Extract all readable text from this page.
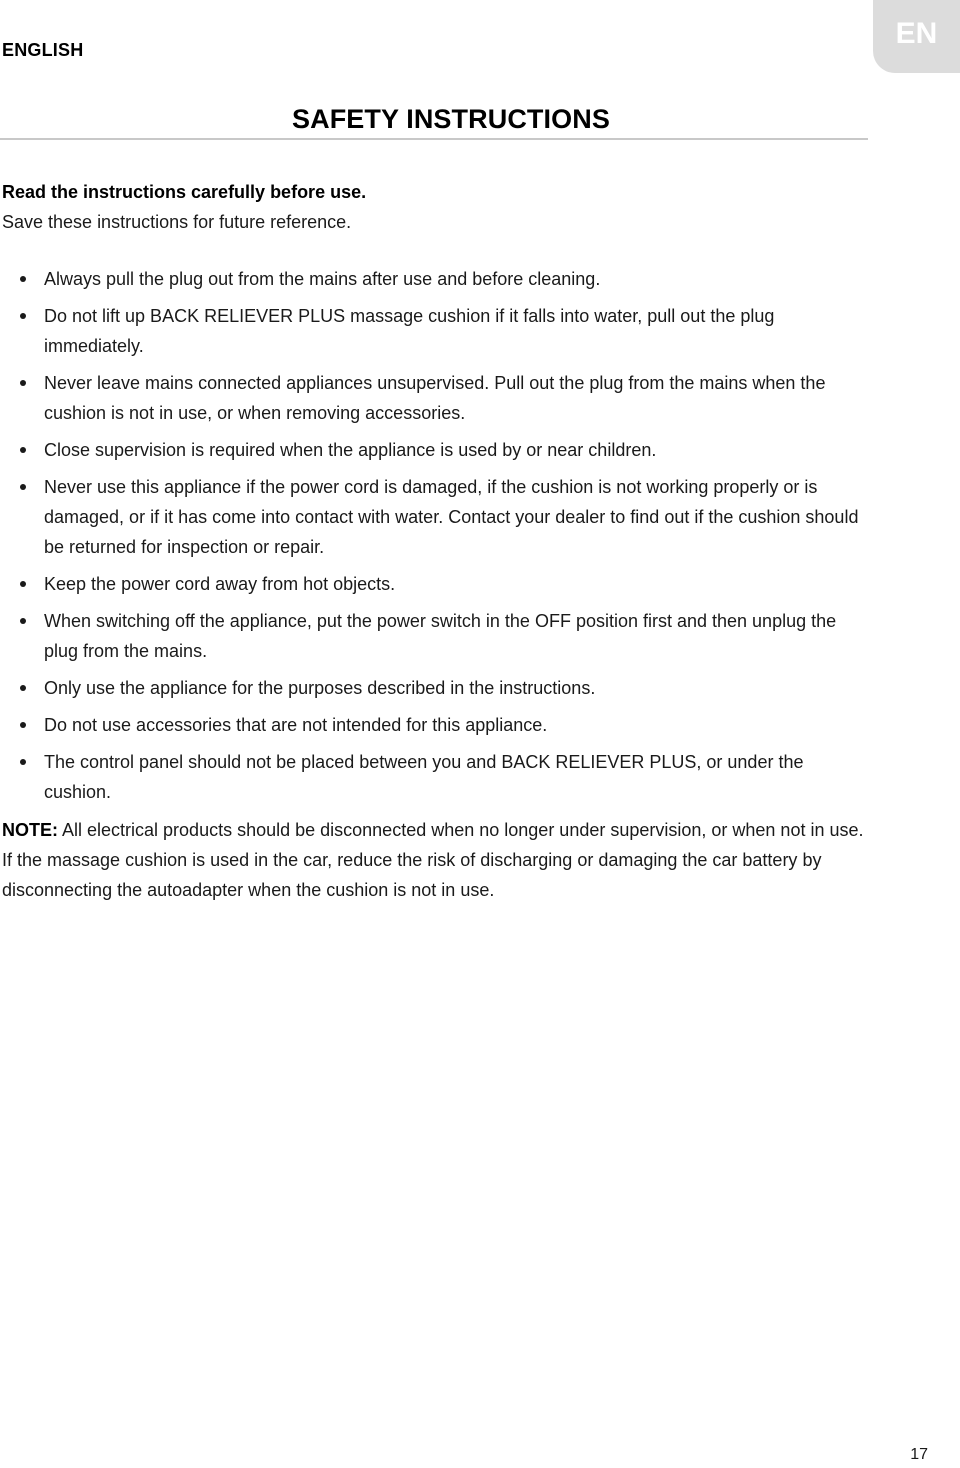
ENGLISH
EN
SAFETY INSTRUCTIONS
Read the instructions carefully before use.
Save these instructions for future reference.
Always pull the plug out from the mains after use and before cleaning.
Do not lift up BACK RELIEVER PLUS massage cushion if it falls into water, pull out the plug immediately.
Never leave mains connected appliances unsupervised. Pull out the plug from the mains when the cushion is not in use, or when removing accessories.
Close supervision is required when the appliance is used by or near children.
Never use this appliance if the power cord is damaged, if the cushion is not working properly or is damaged, or if it has come into contact with water. Contact your dealer to find out if the cushion should be returned for inspection or repair.
Keep the power cord away from hot objects.
When switching off the appliance, put the power switch in the OFF position first and then unplug the plug from the mains.
Only use the appliance for the purposes described in the instructions.
Do not use accessories that are not intended for this appliance.
The control panel should not be placed between you and BACK RELIEVER PLUS, or under the cushion.
NOTE: All electrical products should be disconnected when no longer under supervision, or when not in use. If the massage cushion is used in the car, reduce the risk of discharging or damaging the car battery by disconnecting the autoadapter when the cushion is not in use.
17
